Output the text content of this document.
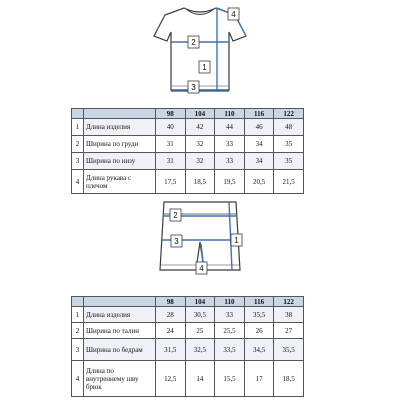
1
2
3
4
		98	104	110	116	122
1	Длина изделия	40	42	44	46	48
2	Ширина по груди	31	32	33	34	35
3	Ширина по низу	31	32	33	34	35
4	Длина рукава с плечом	17,5	18,5	19,5	20,5	21,5
1
2
3
4
		98	104	110	116	122
1	Длина изделия	28	30,5	33	35,5	38
2	Ширина по талии	24	25	25,5	26	27
3	Ширина по бедрам	31,5	32,5	33,5	34,5	35,5
4	Длина по внутреннему шву брюк	12,5	14	15,5	17	18,5
